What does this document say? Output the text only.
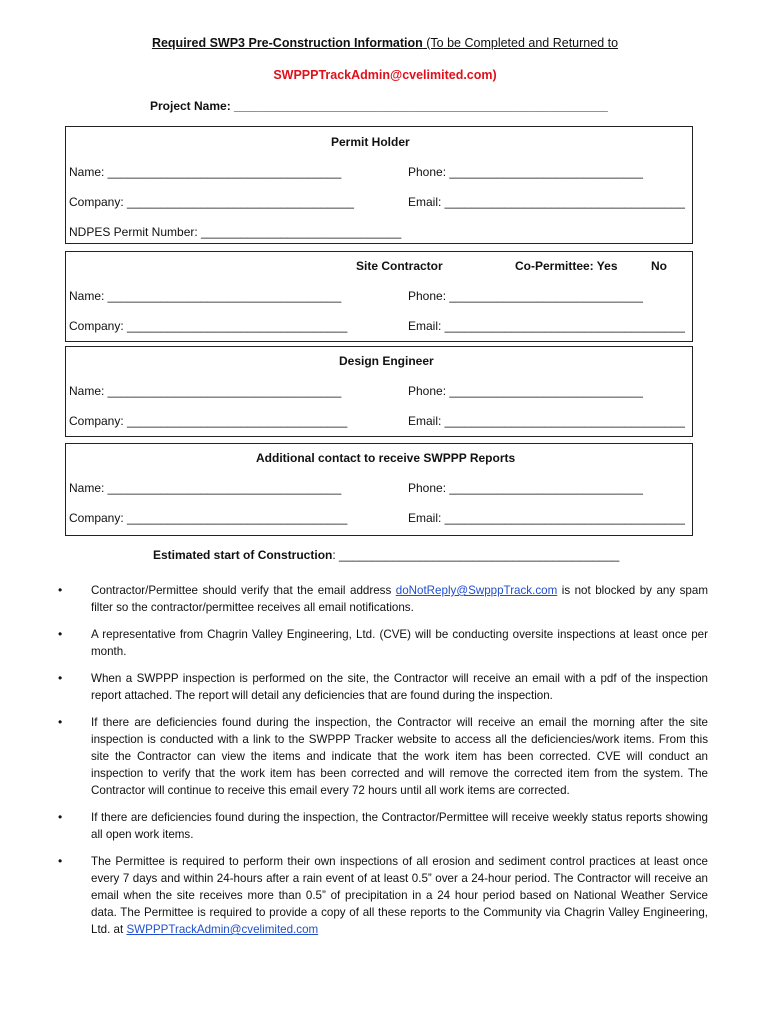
Required SWP3 Pre-Construction Information (To be Completed and Returned to
SWPPPTrackAdmin@cvelimited.com)
Project Name: ________________________________________________________
Permit Holder
Name: ___________________________________	Phone: _____________________________
Company: __________________________________	Email: ____________________________________
NDPES Permit Number: ______________________________
Site Contractor	Co-Permittee: Yes	No
Name: ___________________________________	Phone: _____________________________
Company: _________________________________	Email: ____________________________________
Design Engineer
Name: ___________________________________	Phone: _____________________________
Company: _________________________________	Email: ____________________________________
Additional contact to receive SWPPP Reports
Name: ___________________________________	Phone: _____________________________
Company: _________________________________	Email: ____________________________________
Estimated start of Construction: __________________________________________
• Contractor/Permittee should verify that the email address doNotReply@SwpppTrack.com is not blocked by any spam filter so the contractor/permittee receives all email notifications.
• A representative from Chagrin Valley Engineering, Ltd. (CVE) will be conducting oversite inspections at least once per month.
• When a SWPPP inspection is performed on the site, the Contractor will receive an email with a pdf of the inspection report attached. The report will detail any deficiencies that are found during the inspection.
• If there are deficiencies found during the inspection, the Contractor will receive an email the morning after the site inspection is conducted with a link to the SWPPP Tracker website to access all the deficiencies/work items. From this site the Contractor can view the items and indicate that the work item has been corrected. CVE will conduct an inspection to verify that the work item has been corrected and will remove the corrected item from the system. The Contractor will continue to receive this email every 72 hours until all work items are corrected.
• If there are deficiencies found during the inspection, the Contractor/Permittee will receive weekly status reports showing all open work items.
• The Permittee is required to perform their own inspections of all erosion and sediment control practices at least once every 7 days and within 24-hours after a rain event of at least 0.5” over a 24-hour period. The Contractor will receive an email when the site receives more than 0.5” of precipitation in a 24 hour period based on National Weather Service data. The Permittee is required to provide a copy of all these reports to the Community via Chagrin Valley Engineering, Ltd. at SWPPPTrackAdmin@cvelimited.com
